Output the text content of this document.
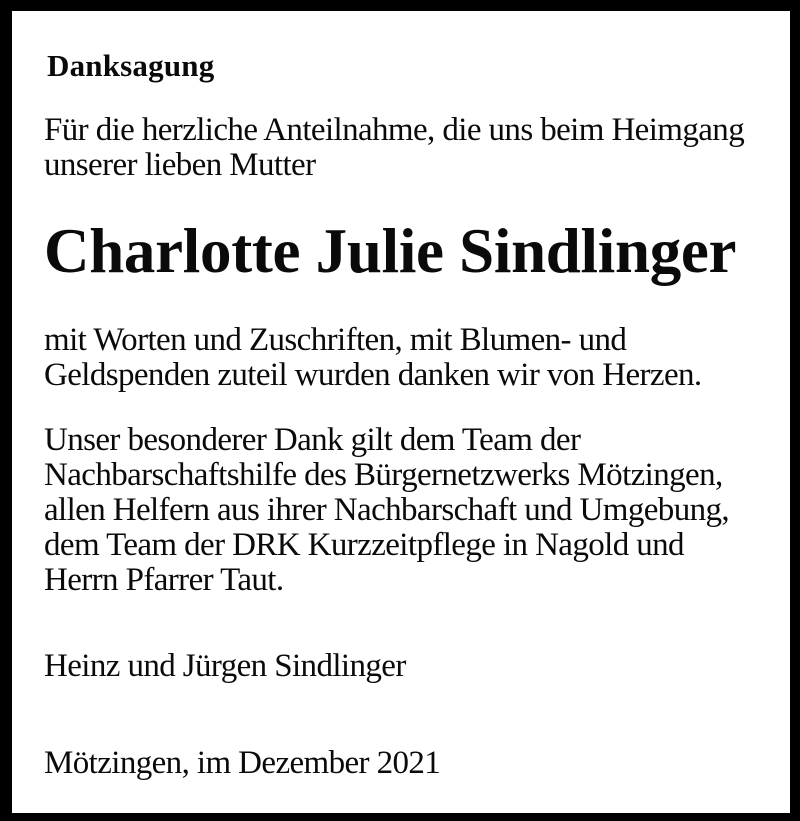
Danksagung
Für die herzliche Anteilnahme, die uns beim Heimgang
unserer lieben Mutter
Charlotte Julie Sindlinger
mit Worten und Zuschriften, mit Blumen- und
Geldspenden zuteil wurden danken wir von Herzen.
Unser besonderer Dank gilt dem Team der
Nachbarschaftshilfe des Bürgernetzwerks Mötzingen,
allen Helfern aus ihrer Nachbarschaft und Umgebung,
dem Team der DRK Kurzzeitpflege in Nagold und
Herrn Pfarrer Taut.
Heinz und Jürgen Sindlinger
Mötzingen, im Dezember 2021
